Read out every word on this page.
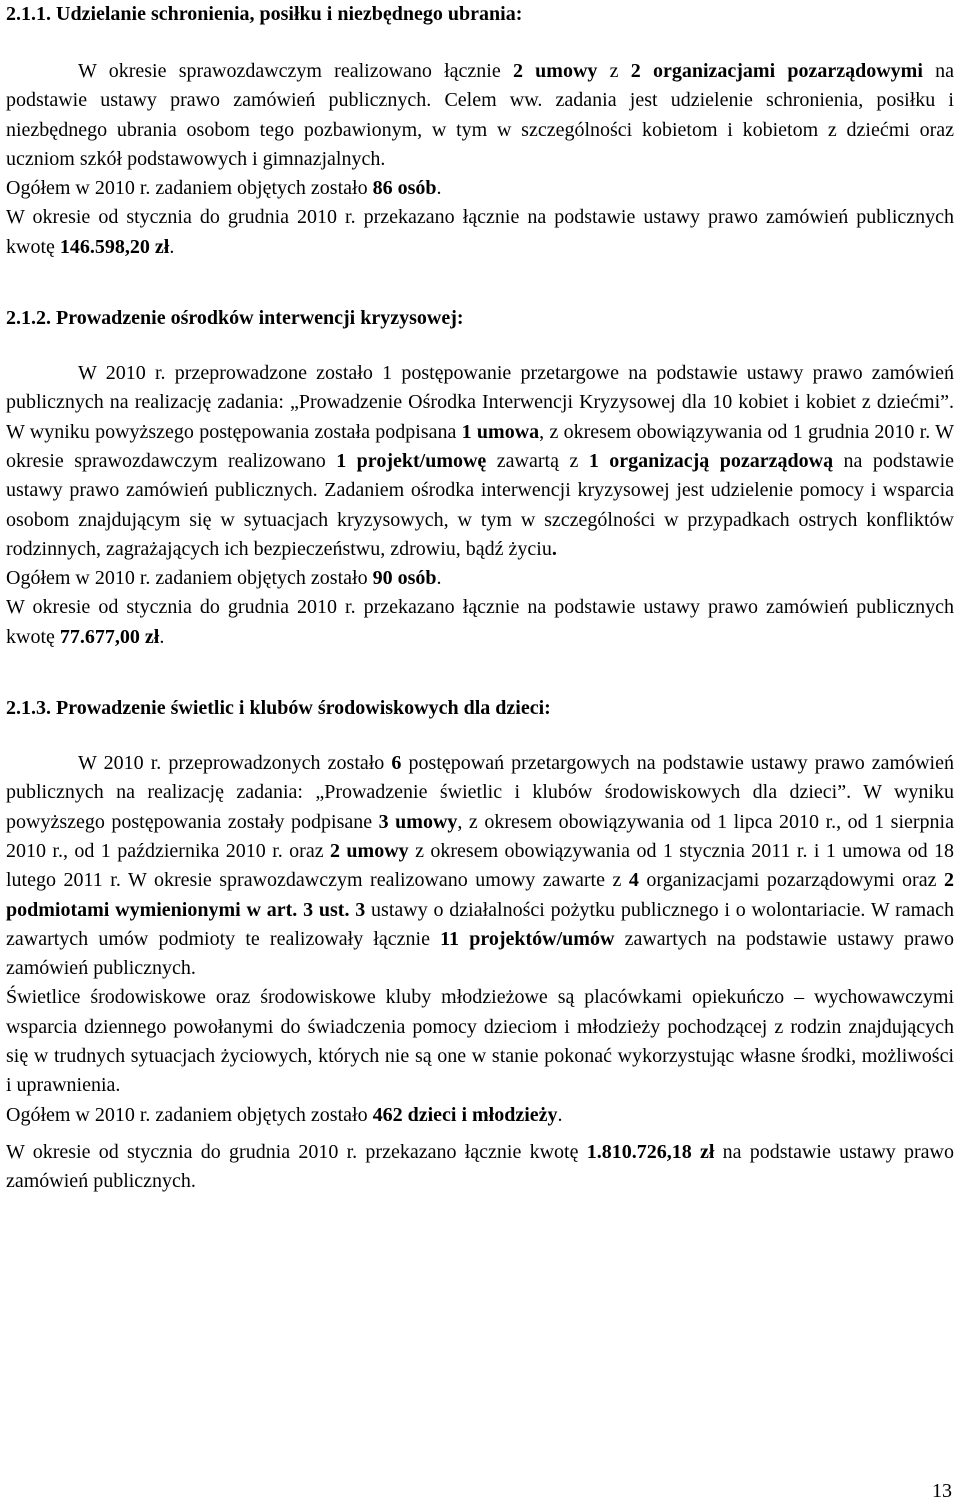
2.1.1. Udzielanie schronienia, posiłku i niezbędnego ubrania:

W okresie sprawozdawczym realizowano łącznie 2 umowy z 2 organizacjami pozarządowymi na podstawie ustawy prawo zamówień publicznych. Celem ww. zadania jest udzielenie schronienia, posiłku i niezbędnego ubrania osobom tego pozbawionym, w tym w szczególności kobietom i kobietom z dziećmi oraz uczniom szkół podstawowych i gimnazjalnych.

Ogółem w 2010 r. zadaniem objętych zostało 86 osób.

W okresie od stycznia do grudnia 2010 r. przekazano łącznie na podstawie ustawy prawo zamówień publicznych kwotę 146.598,20 zł.

2.1.2. Prowadzenie ośrodków interwencji kryzysowej:

W 2010 r. przeprowadzone zostało 1 postępowanie przetargowe na podstawie ustawy prawo zamówień publicznych na realizację zadania: „Prowadzenie Ośrodka Interwencji Kryzysowej dla 10 kobiet i kobiet z dziećmi”. W wyniku powyższego postępowania została podpisana 1 umowa, z okresem obowiązywania od 1 grudnia 2010 r. W okresie sprawozdawczym realizowano 1 projekt/umowę zawartą z 1 organizacją pozarządową na podstawie ustawy prawo zamówień publicznych. Zadaniem ośrodka interwencji kryzysowej jest udzielenie pomocy i wsparcia osobom znajdującym się w sytuacjach kryzysowych, w tym w szczególności w przypadkach ostrych konfliktów rodzinnych, zagrażających ich bezpieczeństwu, zdrowiu, bądź życiu.

Ogółem w 2010 r. zadaniem objętych zostało 90 osób.

W okresie od stycznia do grudnia 2010 r. przekazano łącznie na podstawie ustawy prawo zamówień publicznych kwotę 77.677,00 zł.

2.1.3. Prowadzenie świetlic i klubów środowiskowych dla dzieci:

W 2010 r. przeprowadzonych zostało 6 postępowań przetargowych na podstawie ustawy prawo zamówień publicznych na realizację zadania: „Prowadzenie świetlic i klubów środowiskowych dla dzieci”. W wyniku powyższego postępowania zostały podpisane 3 umowy, z okresem obowiązywania od 1 lipca 2010 r., od 1 sierpnia 2010 r., od 1 października 2010 r. oraz 2 umowy z okresem obowiązywania od 1 stycznia 2011 r. i 1 umowa od 18 lutego 2011 r. W okresie sprawozdawczym realizowano umowy zawarte z 4 organizacjami pozarządowymi oraz 2 podmiotami wymienionymi w art. 3 ust. 3 ustawy o działalności pożytku publicznego i o wolontariacie. W ramach zawartych umów podmioty te realizowały łącznie 11 projektów/umów zawartych na podstawie ustawy prawo zamówień publicznych.

Świetlice środowiskowe oraz środowiskowe kluby młodzieżowe są placówkami opiekuńczo – wychowawczymi wsparcia dziennego powołanymi do świadczenia pomocy dzieciom i młodzieży pochodzącej z rodzin znajdujących się w trudnych sytuacjach życiowych, których nie są one w stanie pokonać wykorzystując własne środki, możliwości i uprawnienia.

Ogółem w 2010 r. zadaniem objętych zostało 462 dzieci i młodzieży.

W okresie od stycznia do grudnia 2010 r. przekazano łącznie kwotę 1.810.726,18 zł na podstawie ustawy prawo zamówień publicznych.

13
